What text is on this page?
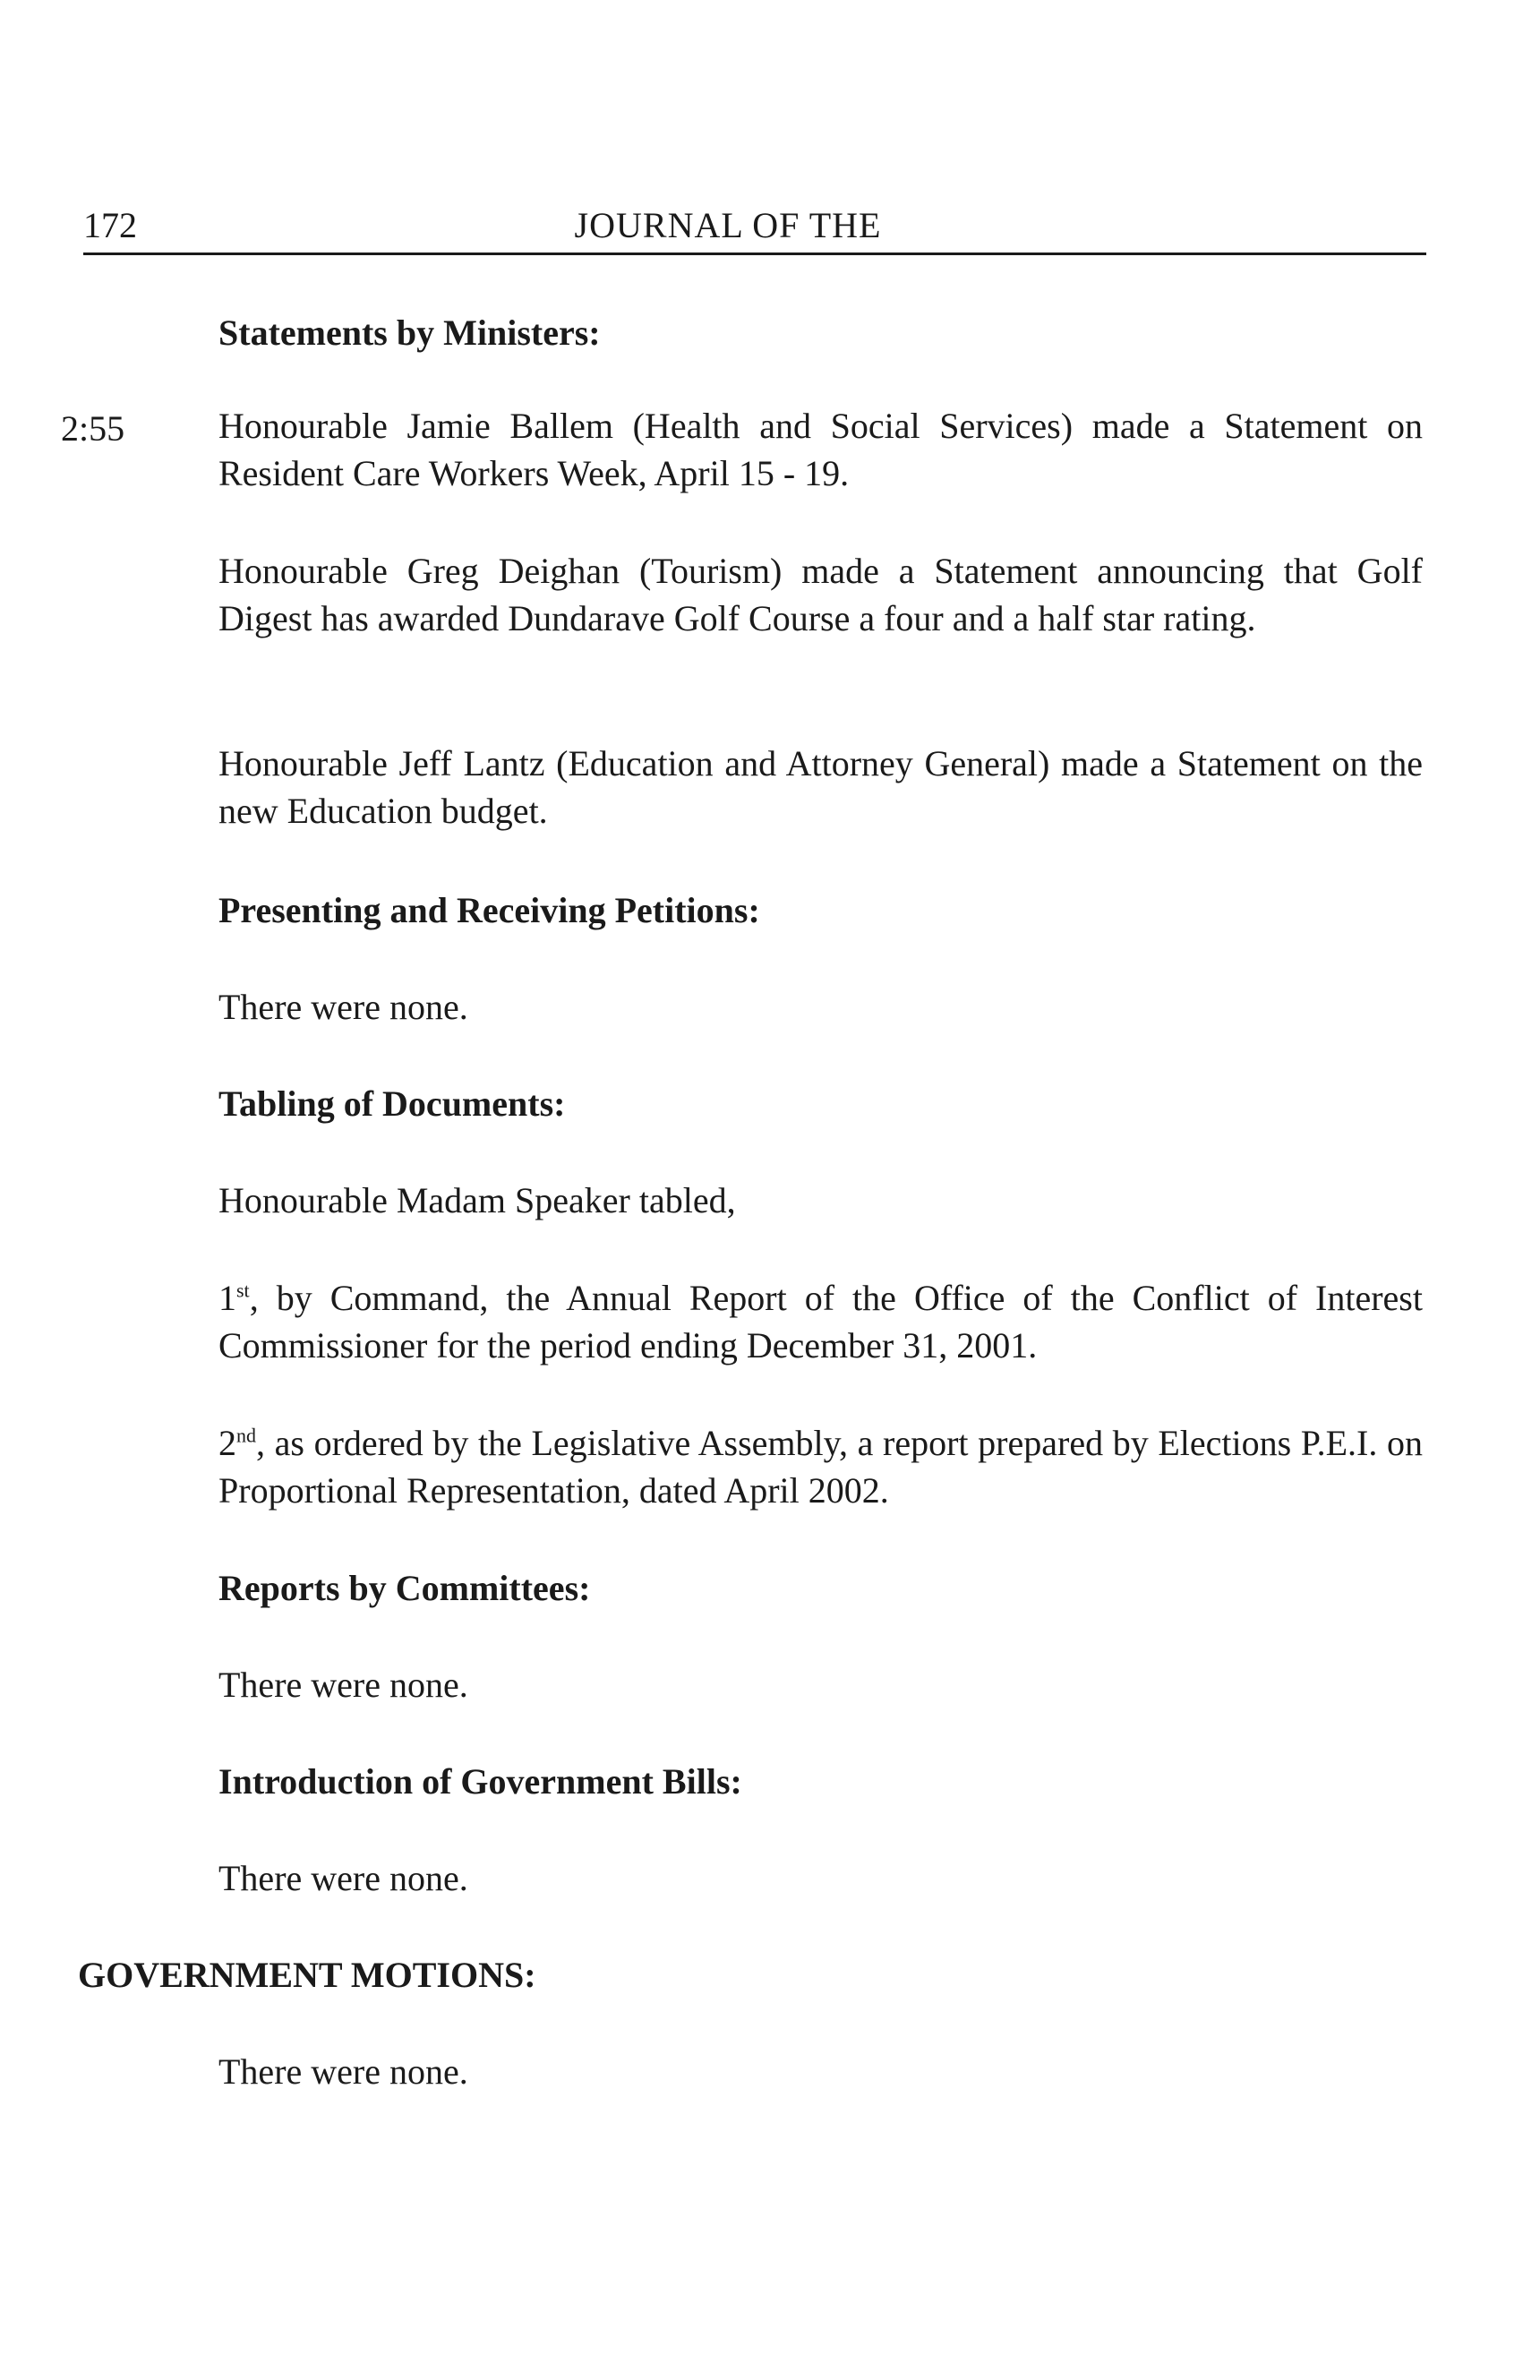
172	JOURNAL OF THE
Statements by Ministers:
2:55	Honourable Jamie Ballem (Health and Social Services) made a Statement on Resident Care Workers Week, April 15 - 19.
Honourable Greg Deighan (Tourism) made a Statement announcing that Golf Digest has awarded Dundarave Golf Course a four and a half star rating.
Honourable Jeff Lantz (Education and Attorney General) made a Statement on the new Education budget.
Presenting and Receiving Petitions:
There were none.
Tabling of Documents:
Honourable Madam Speaker tabled,
1st, by Command, the Annual Report of the Office of the Conflict of Interest Commissioner for the period ending December 31, 2001.
2nd, as ordered by the Legislative Assembly, a report prepared by Elections P.E.I. on Proportional Representation, dated April 2002.
Reports by Committees:
There were none.
Introduction of Government Bills:
There were none.
GOVERNMENT MOTIONS:
There were none.
